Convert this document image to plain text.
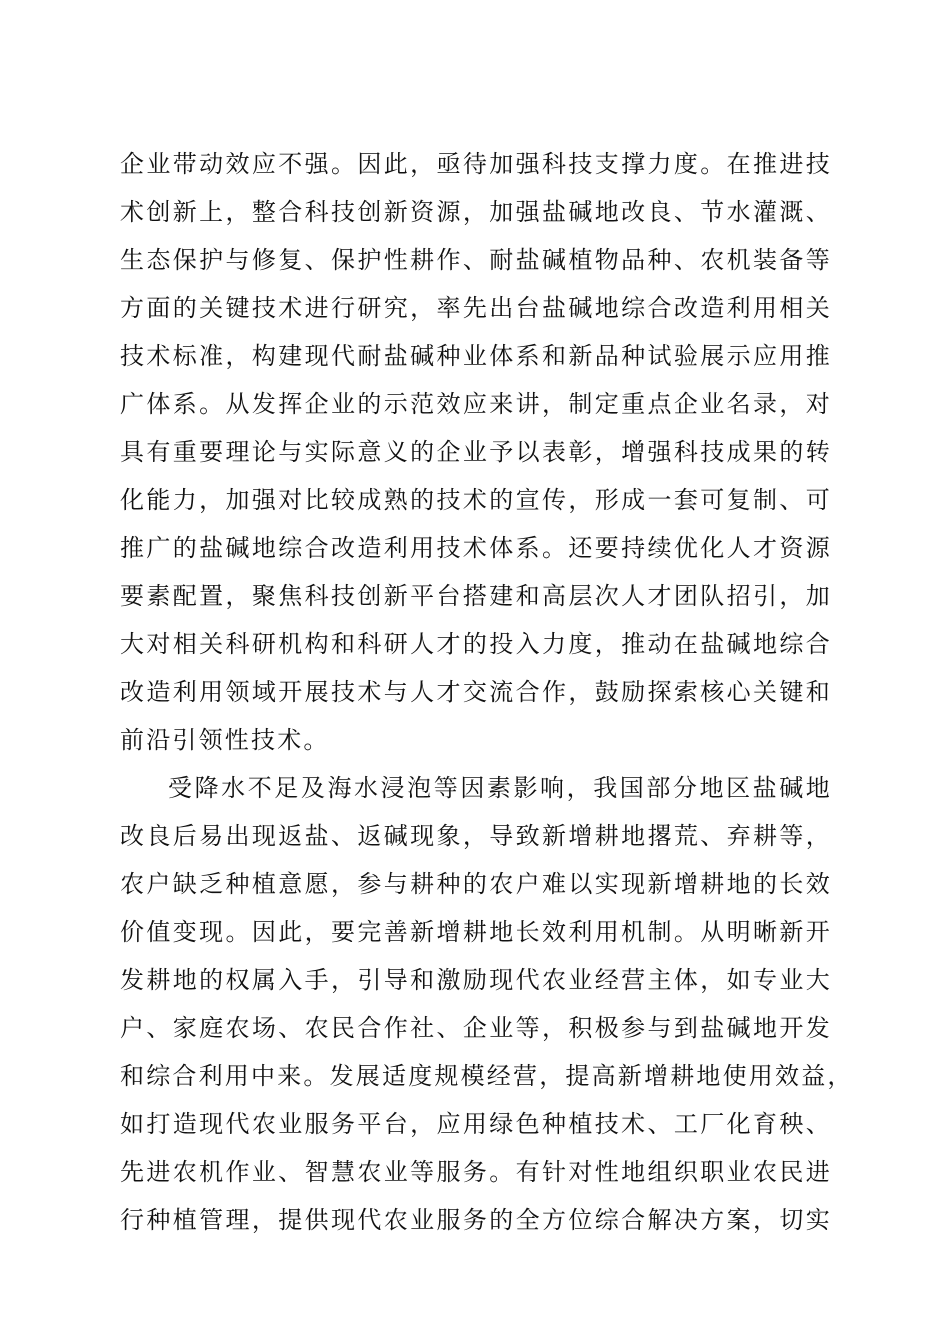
企业带动效应不强。因此，亟待加强科技支撑力度。在推进技
术创新上，整合科技创新资源，加强盐碱地改良、节水灌溉、
生态保护与修复、保护性耕作、耐盐碱植物品种、农机装备等
方面的关键技术进行研究，率先出台盐碱地综合改造利用相关
技术标准，构建现代耐盐碱种业体系和新品种试验展示应用推
广体系。从发挥企业的示范效应来讲，制定重点企业名录，对
具有重要理论与实际意义的企业予以表彰，增强科技成果的转
化能力，加强对比较成熟的技术的宣传，形成一套可复制、可
推广的盐碱地综合改造利用技术体系。还要持续优化人才资源
要素配置，聚焦科技创新平台搭建和高层次人才团队招引，加
大对相关科研机构和科研人才的投入力度，推动在盐碱地综合
改造利用领域开展技术与人才交流合作，鼓励探索核心关键和
前沿引领性技术。
受降水不足及海水浸泡等因素影响，我国部分地区盐碱地
改良后易出现返盐、返碱现象，导致新增耕地撂荒、弃耕等，
农户缺乏种植意愿，参与耕种的农户难以实现新增耕地的长效
价值变现。因此，要完善新增耕地长效利用机制。从明晰新开
发耕地的权属入手，引导和激励现代农业经营主体，如专业大
户、家庭农场、农民合作社、企业等，积极参与到盐碱地开发
和综合利用中来。发展适度规模经营，提高新增耕地使用效益，
如打造现代农业服务平台，应用绿色种植技术、工厂化育秧、
先进农机作业、智慧农业等服务。有针对性地组织职业农民进
行种植管理，提供现代农业服务的全方位综合解决方案，切实
